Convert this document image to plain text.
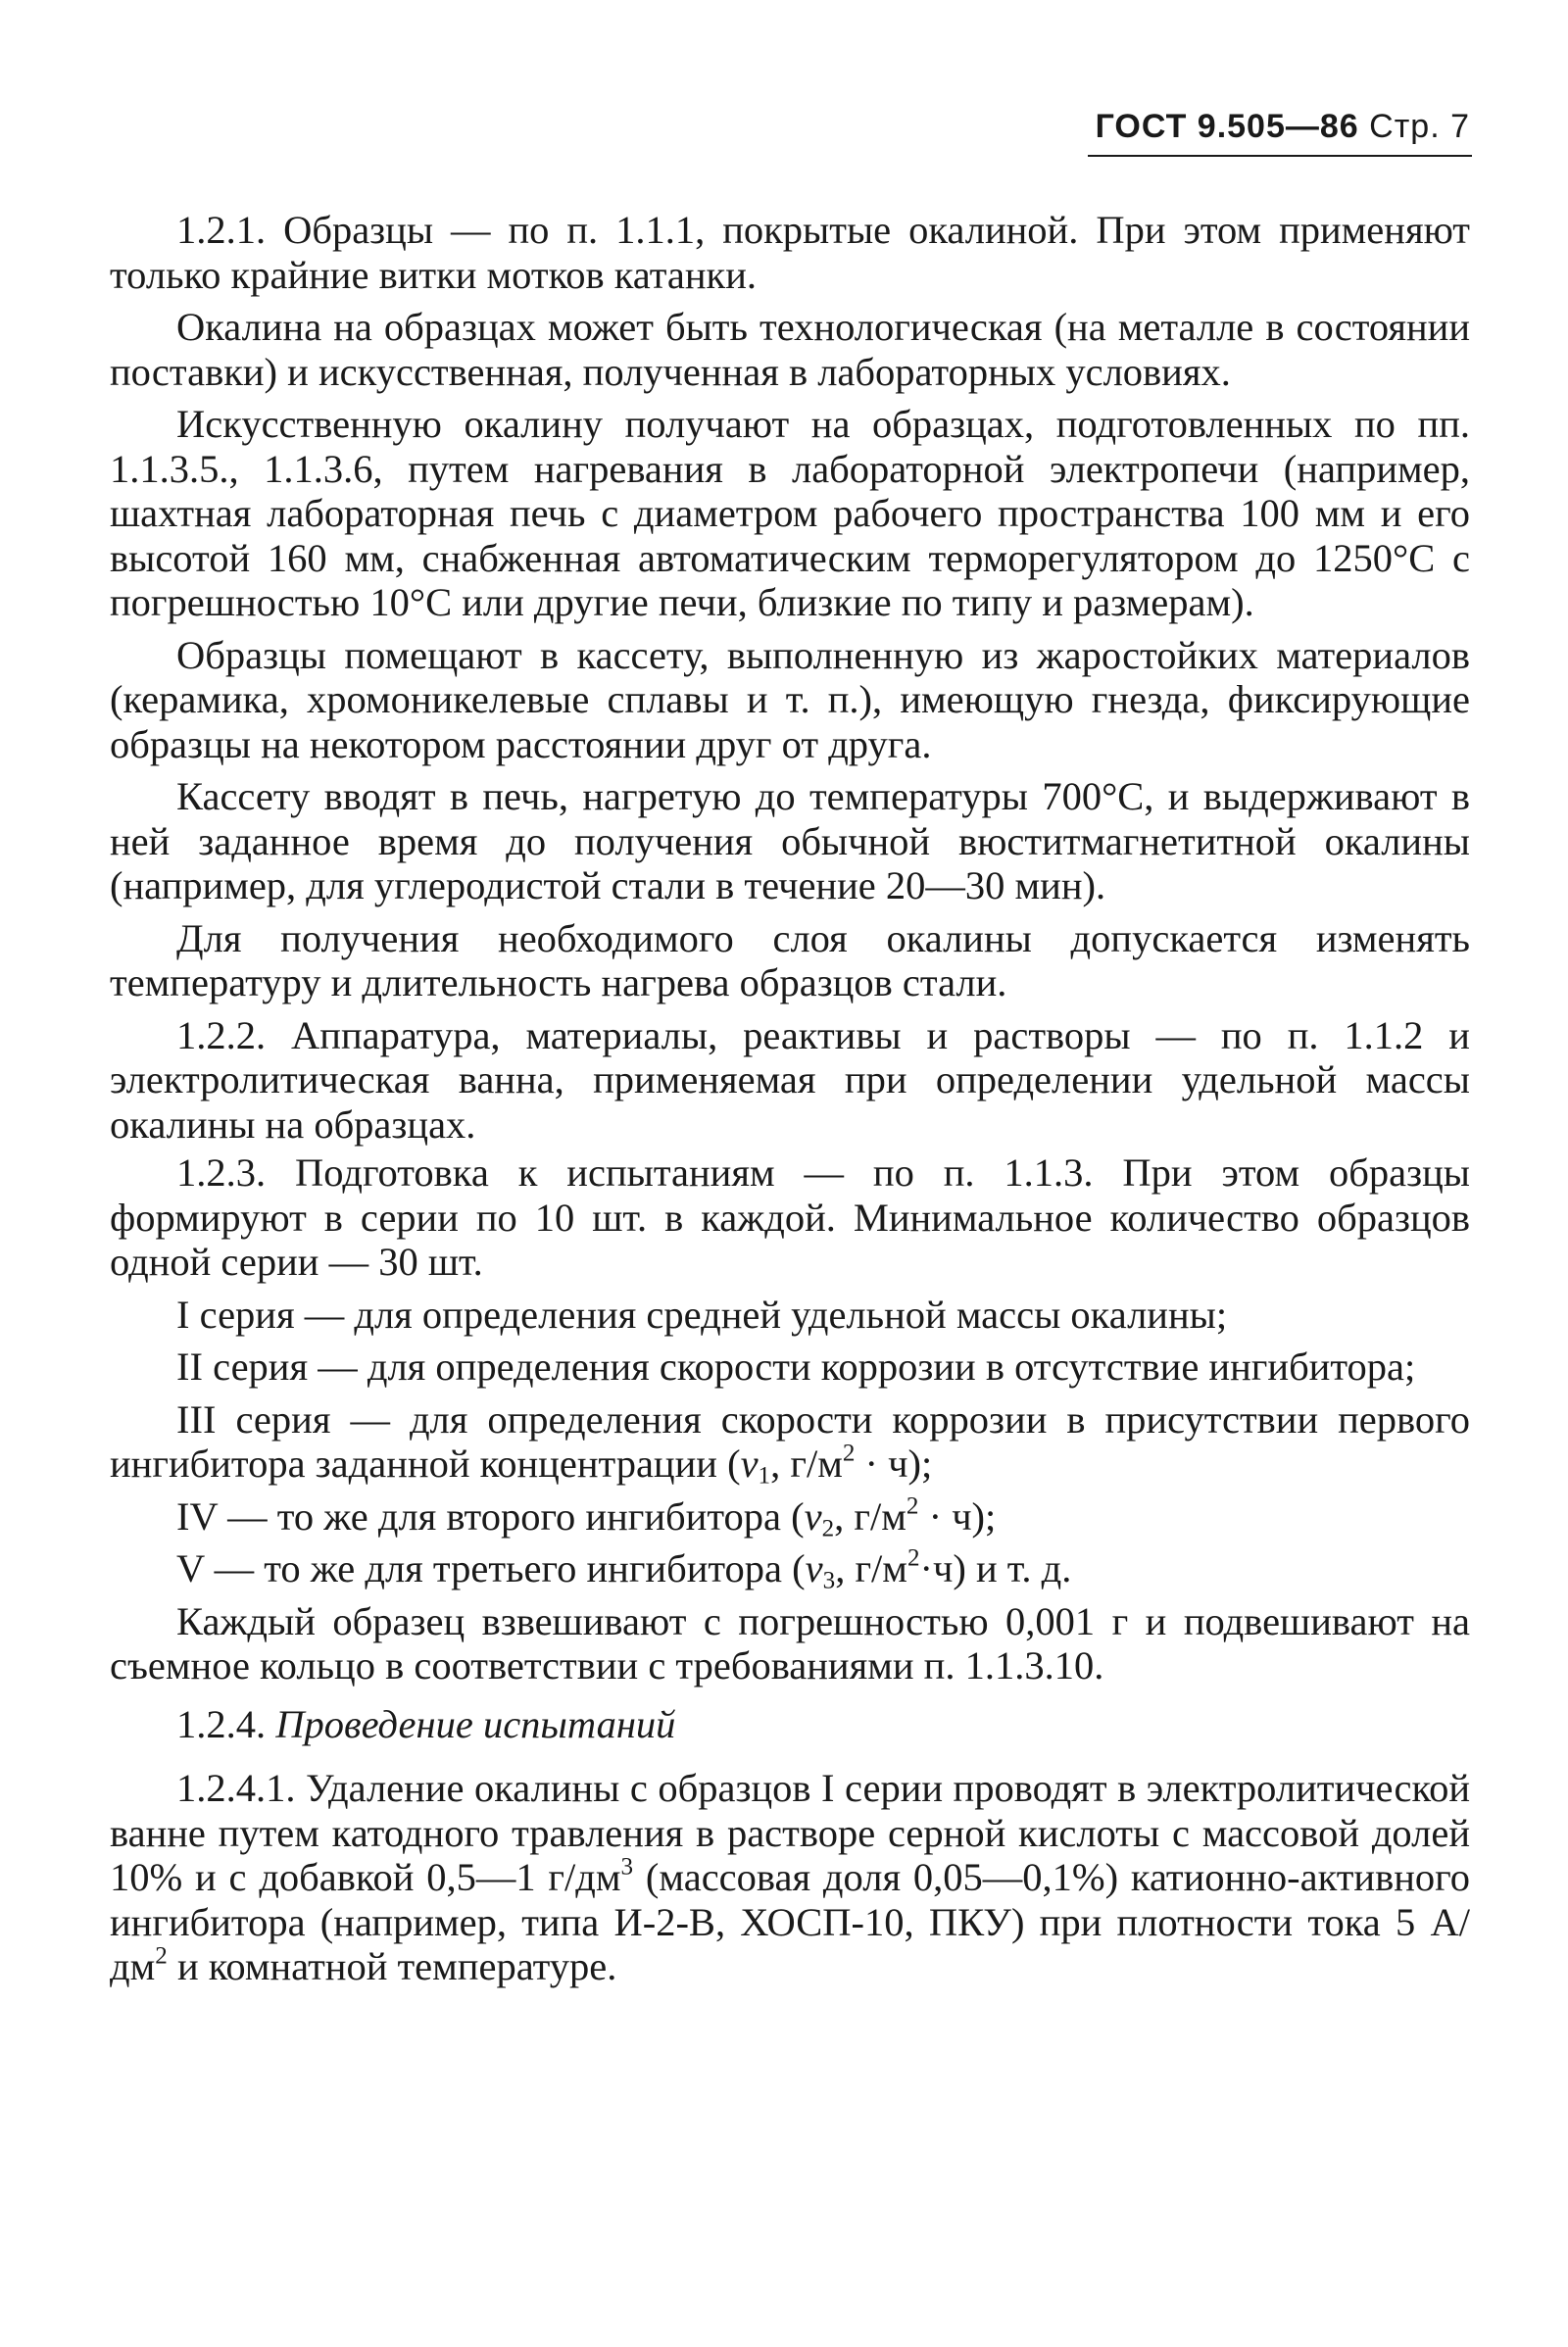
ГОСТ 9.505—86 Стр. 7

1.2.1. Образцы — по п. 1.1.1, покрытые окалиной. При этом применяют только крайние витки мотков катанки.

Окалина на образцах может быть технологическая (на металле в состоянии поставки) и искусственная, полученная в лабораторных условиях.

Искусственную окалину получают на образцах, подготовленных по пп. 1.1.3.5., 1.1.3.6, путем нагревания в лабораторной электропечи (например, шахтная лабораторная печь с диаметром рабочего пространства 100 мм и его высотой 160 мм, снабженная автоматическим терморегулятором до 1250°С с погрешностью 10°С или другие печи, близкие по типу и размерам).

Образцы помещают в кассету, выполненную из жаростойких материалов (керамика, хромоникелевые сплавы и т. п.), имеющую гнезда, фиксирующие образцы на некотором расстоянии друг от друга.

Кассету вводят в печь, нагретую до температуры 700°С, и выдерживают в ней заданное время до получения обычной вюститмагнетитной окалины (например, для углеродистой стали в течение 20—30 мин).

Для получения необходимого слоя окалины допускается изменять температуру и длительность нагрева образцов стали.

1.2.2. Аппаратура, материалы, реактивы и растворы — по п. 1.1.2 и электролитическая ванна, применяемая при определении удельной массы окалины на образцах.

1.2.3. Подготовка к испытаниям — по п. 1.1.3. При этом образцы формируют в серии по 10 шт. в каждой. Минимальное количество образцов одной серии — 30 шт.

I серия — для определения средней удельной массы окалины;

II серия — для определения скорости коррозии в отсутствие ингибитора;

III серия — для определения скорости коррозии в присутствии первого ингибитора заданной концентрации ($v_1$, $г/м^2 \cdot ч$);

IV — то же для второго ингибитора ($v_2$, $г/м^2 \cdot ч$);

V — то же для третьего ингибитора ($v_3$, $г/м^2\cdot ч$) и т. д.

Каждый образец взвешивают с погрешностью 0,001 г и подвешивают на съемное кольцо в соответствии с требованиями п. 1.1.3.10.

1.2.4. Проведение испытаний

1.2.4.1. Удаление окалины с образцов I серии проводят в электролитической ванне путем катодного травления в растворе серной кислоты с массовой долей 10% и с добавкой 0,5—1 $г/дм^3$ (массовая доля 0,05—0,1%) катионно-активного ингибитора (например, типа И-2-В, ХОСП-10, ПКУ) при плотности тока 5 $А/дм^2$ и комнатной температуре.
